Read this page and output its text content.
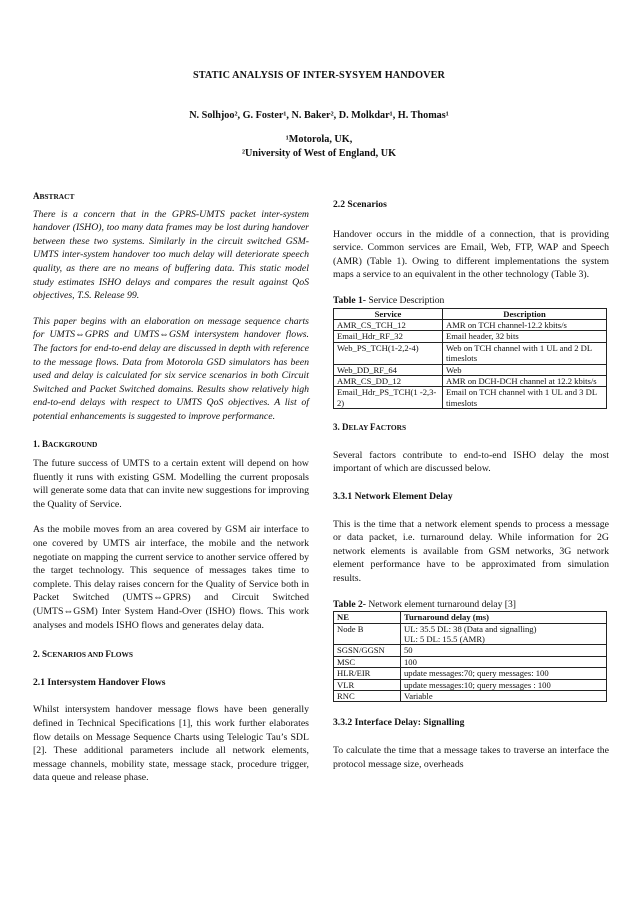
STATIC ANALYSIS OF INTER-SYSYEM HANDOVER
N. Solhjoo², G. Foster¹, N. Baker², D. Molkdar¹, H. Thomas¹
¹Motorola, UK,
²University of West of England, UK
ABSTRACT

There is a concern that in the GPRS-UMTS packet inter-system handover (ISHO), too many data frames may be lost during handover between these two systems. Similarly in the circuit switched GSM-UMTS inter-system handover too much delay will deteriorate speech quality, as there are no means of buffering data. This static model study estimates ISHO delays and compares the result against QoS objectives, T.S. Release 99.

This paper begins with an elaboration on message sequence charts for UMTS⇔GPRS and UMTS⇔GSM intersystem handover flows. The factors for end-to-end delay are discussed in depth with reference to the message flows. Data from Motorola GSD simulators has been used and delay is calculated for six service scenarios in both Circuit Switched and Packet Switched domains. Results show relatively high end-to-end delays with respect to UMTS QoS objectives. A list of potential enhancements is suggested to improve performance.

1. BACKGROUND

The future success of UMTS to a certain extent will depend on how fluently it runs with existing GSM. Modelling the current proposals will generate some data that can invite new suggestions for improving the Quality of Service.

As the mobile moves from an area covered by GSM air interface to one covered by UMTS air interface, the mobile and the network negotiate on mapping the current service to another service offered by the target technology. This sequence of messages takes time to complete. This delay raises concern for the Quality of Service both in Packet Switched (UMTS⇔GPRS) and Circuit Switched (UMTS⇔GSM) Inter System Hand-Over (ISHO) flows. This work analyses and models ISHO flows and generates delay data.

2. SCENARIOS AND FLOWS
2.1 Intersystem Handover Flows

Whilst intersystem handover message flows have been generally defined in Technical Specifications [1], this work further elaborates flow details on Message Sequence Charts using Telelogic Tau’s SDL [2]. These additional parameters include all network elements, message channels, mobility state, message stack, procedure trigger, data queue and release phase.

2.2 Scenarios

Handover occurs in the middle of a connection, that is providing service. Common services are Email, Web, FTP, WAP and Speech (AMR) (Table 1). Owing to different implementations the system maps a service to an equivalent in the other technology (Table 3).

Table 1- Service Description
Service	Description
AMR_CS_TCH_12	AMR on TCH channel-12.2 kbits/s
Email_Hdr_RF_32	Email header, 32 bits
Web_PS_TCH(1-2,2-4)	Web on TCH channel with 1 UL and 2 DL timeslots
Web_DD_RF_64	Web
AMR_CS_DD_12	AMR on DCH-DCH channel at 12.2 kbits/s
Email_Hdr_PS_TCH(1 -2,3-2)	Email on TCH channel with 1 UL and 3 DL timeslots
3. DELAY FACTORS

Several factors contribute to end-to-end ISHO delay the most important of which are discussed below.

3.3.1 Network Element Delay

This is the time that a network element spends to process a message or data packet, i.e. turnaround delay. While information for 2G network elements is available from GSM networks, 3G network element performance have to be approximated from simulation results.

Table 2- Network element turnaround delay [3]
NE	Turnaround delay (ms)
Node B	UL: 35.5 DL: 38 (Data and signalling)
UL: 5 DL: 15.5 (AMR)
SGSN/GGSN	50
MSC	100
HLR/EIR	update messages:70; query messages: 100
VLR	update messages:10; query messages : 100
RNC	Variable
3.3.2 Interface Delay: Signalling

To calculate the time that a message takes to traverse an interface the protocol message size, overheads
